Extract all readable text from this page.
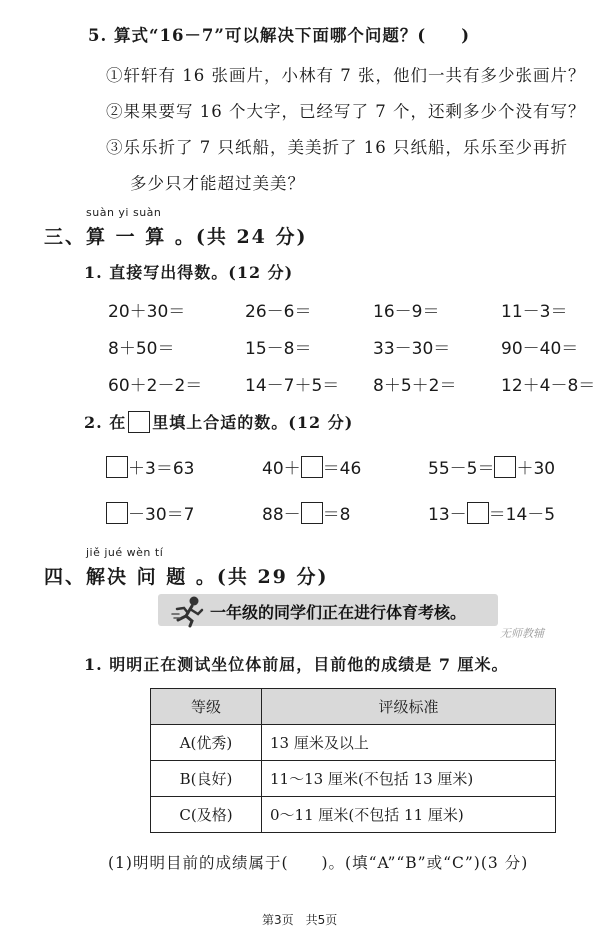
5. 算式“16－7”可以解决下面哪个问题？(　　)
①轩轩有 16 张画片，小林有 7 张，他们一共有多少张画片？
②果果要写 16 个大字，已经写了 7 个，还剩多少个没有写？
③乐乐折了 7 只纸船，美美折了 16 只纸船，乐乐至少再折
多少只才能超过美美？
suàn yi suàn
三、算 一 算 。(共 24 分)
1. 直接写出得数。(12 分)
20＋30＝	26－6＝	16－9＝	11－3＝
8＋50＝	15－8＝	33－30＝	90－40＝
60＋2－2＝	14－7＋5＝ 8＋5＋2＝	12＋4－8＝
2. 在 里填上合适的数。(12 分)
＋3＝63	40＋ ＝46	55－5＝ ＋30
－30＝7	88－ ＝8	13－ ＝14－5
jiě jué wèn tí
四、解决 问 题 。(共 29 分)
一年级的同学们正在进行体育考核。
无师教辅
1. 明明正在测试坐位体前屈，目前他的成绩是 7 厘米。
等级	评级标准
A(优秀)	13 厘米及以上
B(良好)	11～13 厘米(不包括 13 厘米)
C(及格)	0～11 厘米(不包括 11 厘米)
(1)明明目前的成绩属于(　　)。(填“A”“B”或“C”)(3 分)
第3页　共5页
